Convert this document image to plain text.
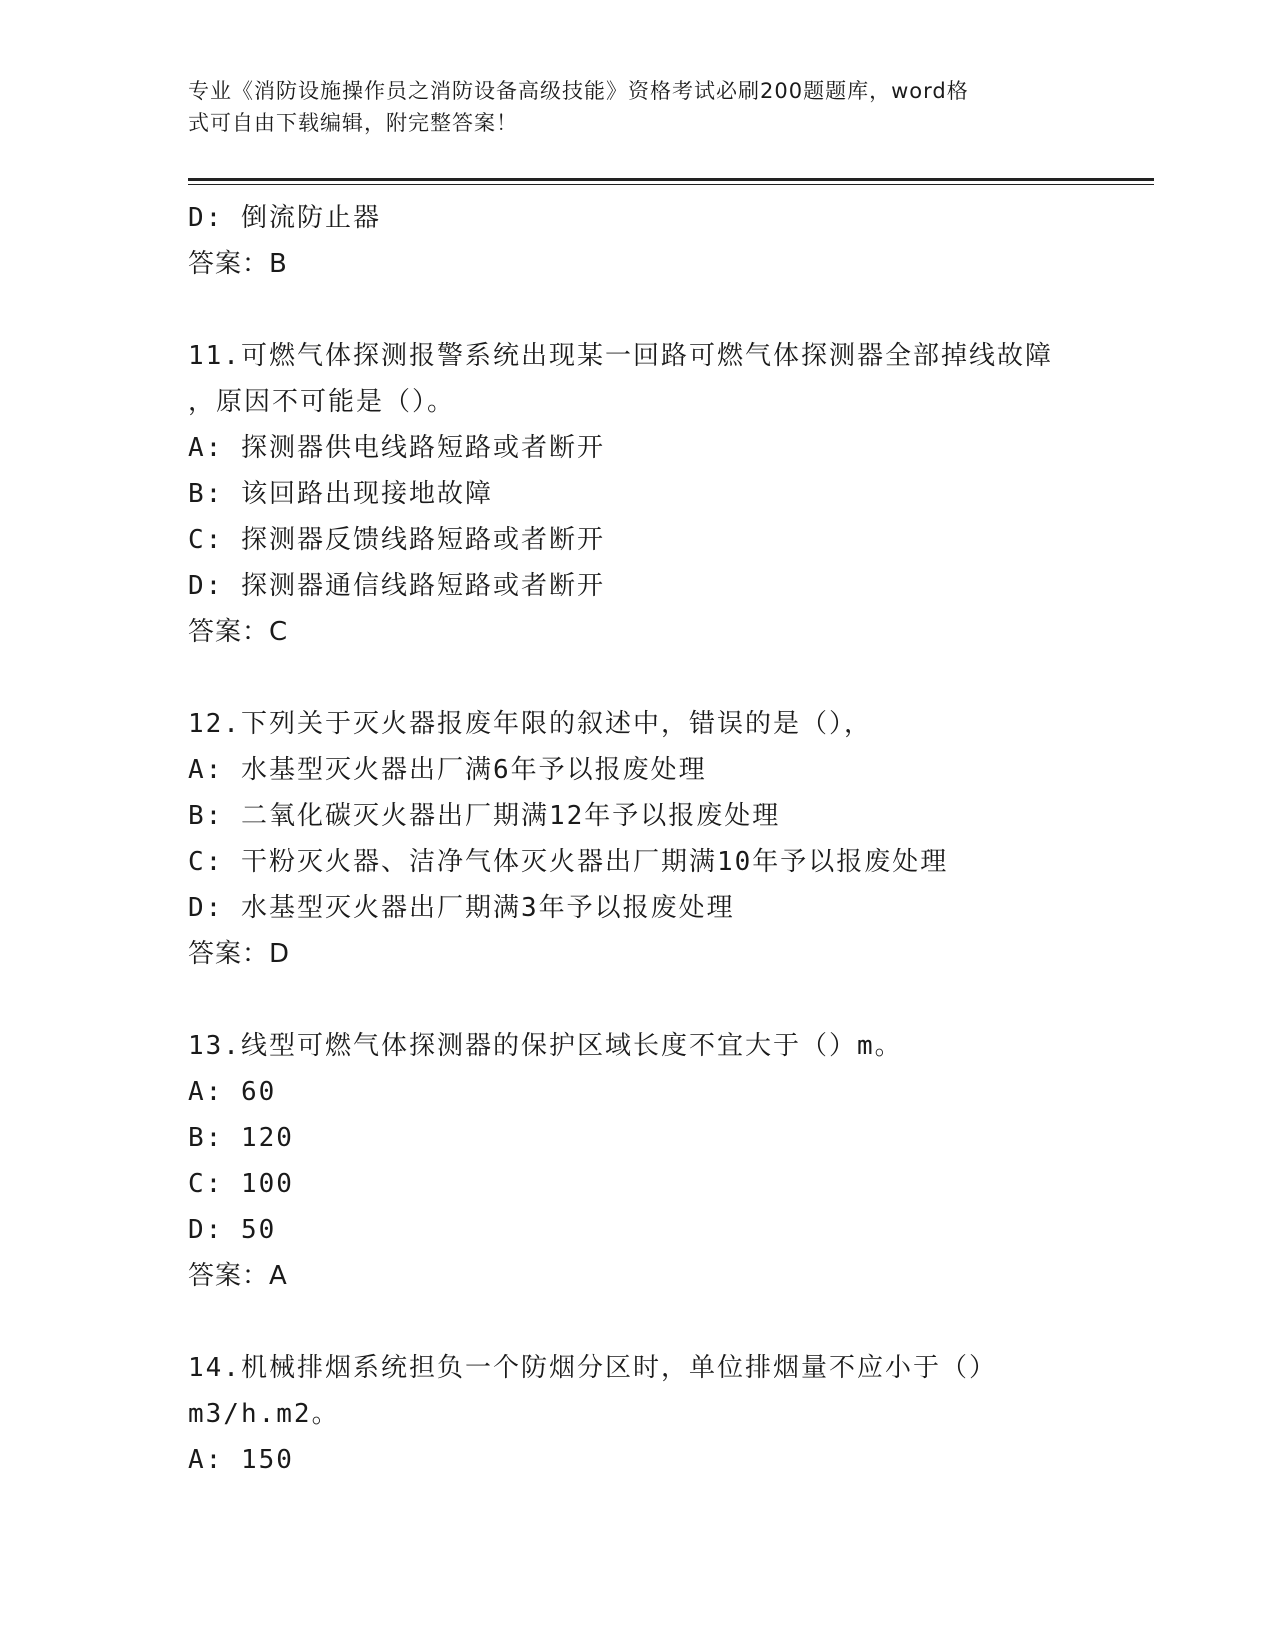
专业《消防设施操作员之消防设备高级技能》资格考试必刷200题题库，word格
式可自由下载编辑，附完整答案！
D: 倒流防止器
答案：B
11.可燃气体探测报警系统出现某一回路可燃气体探测器全部掉线故障
，原因不可能是（）。
A: 探测器供电线路短路或者断开
B: 该回路出现接地故障
C: 探测器反馈线路短路或者断开
D: 探测器通信线路短路或者断开
答案：C
12.下列关于灭火器报废年限的叙述中，错误的是（），
A: 水基型灭火器出厂满6年予以报废处理
B: 二氧化碳灭火器出厂期满12年予以报废处理
C: 干粉灭火器、洁净气体灭火器出厂期满10年予以报废处理
D: 水基型灭火器出厂期满3年予以报废处理
答案：D
13.线型可燃气体探测器的保护区域长度不宜大于（）m。
A: 60
B: 120
C: 100
D: 50
答案：A
14.机械排烟系统担负一个防烟分区时，单位排烟量不应小于（）
m3/h.m2。
A: 150
